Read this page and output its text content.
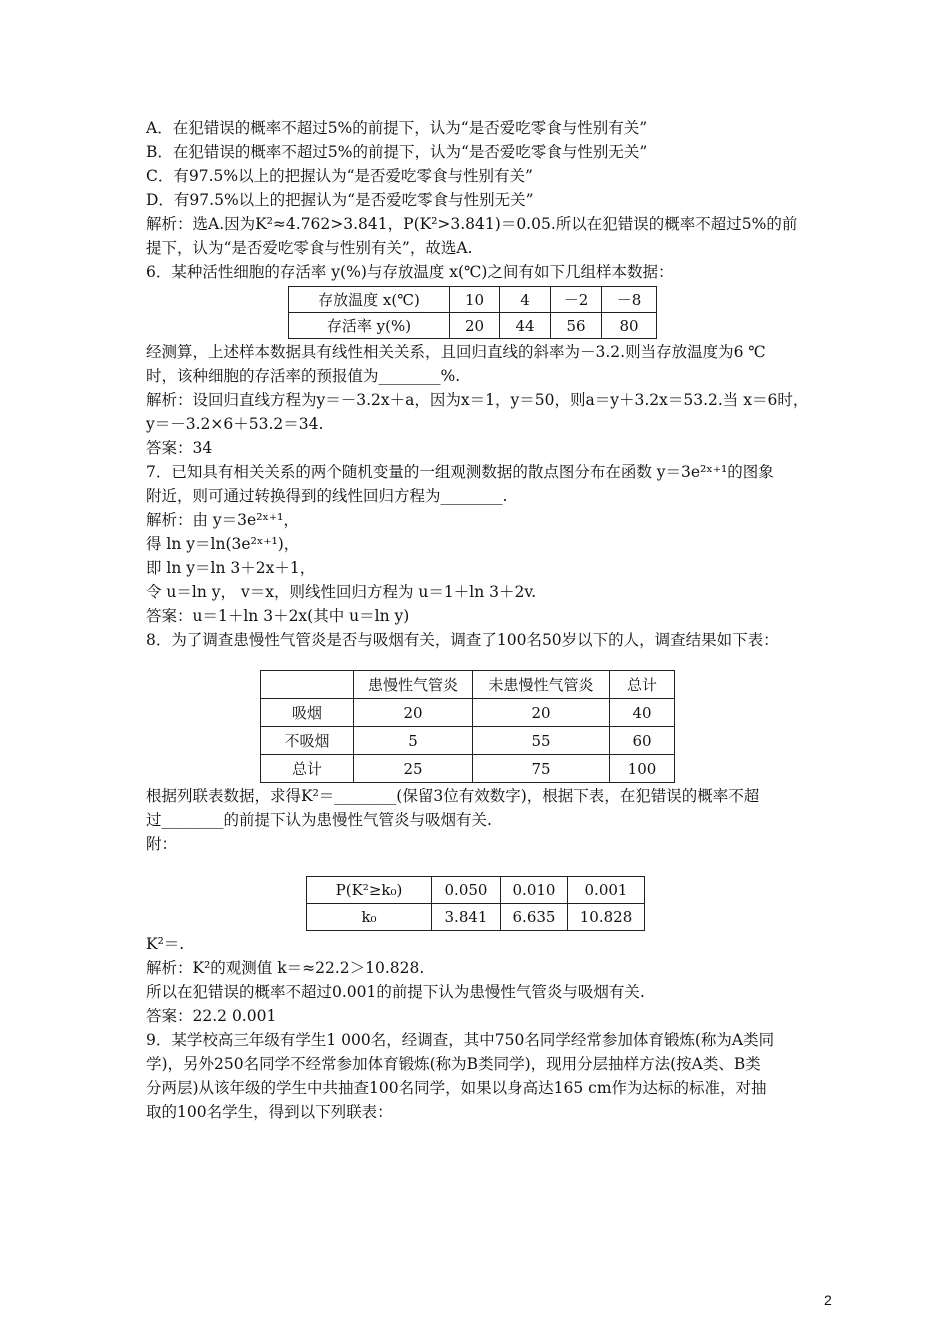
A．在犯错误的概率不超过5%的前提下，认为“是否爱吃零食与性别有关”

B．在犯错误的概率不超过5%的前提下，认为“是否爱吃零食与性别无关”

C．有97.5%以上的把握认为“是否爱吃零食与性别有关”

D．有97.5%以上的把握认为“是否爱吃零食与性别无关”

解析：选A.因为K²≈4.762>3.841，P(K²>3.841)＝0.05.所以在犯错误的概率不超过5%的前

提下，认为“是否爱吃零食与性别有关”，故选A.

6．某种活性细胞的存活率 y(%)与存放温度 x(℃)之间有如下几组样本数据：

存放温度 x(℃)	10	4	－2	－8
存活率 y(%)	20	44	56	80

经测算，上述样本数据具有线性相关关系，且回归直线的斜率为－3.2.则当存放温度为6 ℃

时，该种细胞的存活率的预报值为________%.

解析：设回归直线方程为y＝－3.2x＋a，因为x＝1，y＝50，则a＝y＋3.2x＝53.2.当 x＝6时，

y＝－3.2×6＋53.2＝34.

答案：34

7．已知具有相关关系的两个随机变量的一组观测数据的散点图分布在函数 y＝3e²ˣ⁺¹的图象

附近，则可通过转换得到的线性回归方程为________.

解析：由 y＝3e²ˣ⁺¹，

得 ln y＝ln(3e²ˣ⁺¹)，

即 ln y＝ln 3＋2x＋1，

令 u＝ln y， v＝x，则线性回归方程为 u＝1＋ln 3＋2v.

答案：u＝1＋ln 3＋2x(其中 u＝ln y)

8．为了调查患慢性气管炎是否与吸烟有关，调查了100名50岁以下的人，调查结果如下表：

	患慢性气管炎	未患慢性气管炎	总计
吸烟	20	20	40
不吸烟	5	55	60
总计	25	75	100

根据列联表数据，求得K²＝________(保留3位有效数字)，根据下表，在犯错误的概率不超

过________的前提下认为患慢性气管炎与吸烟有关.

附：

P(K²≥k₀)	0.050	0.010	0.001
k₀	3.841	6.635	10.828

K²＝.

解析：K²的观测值 k＝≈22.2＞10.828.

所以在犯错误的概率不超过0.001的前提下认为患慢性气管炎与吸烟有关.

答案：22.2 0.001

9．某学校高三年级有学生1 000名，经调查，其中750名同学经常参加体育锻炼(称为A类同

学)，另外250名同学不经常参加体育锻炼(称为B类同学)，现用分层抽样方法(按A类、B类

分两层)从该年级的学生中共抽查100名同学，如果以身高达165 cm作为达标的标准，对抽

取的100名学生，得到以下列联表：

2
